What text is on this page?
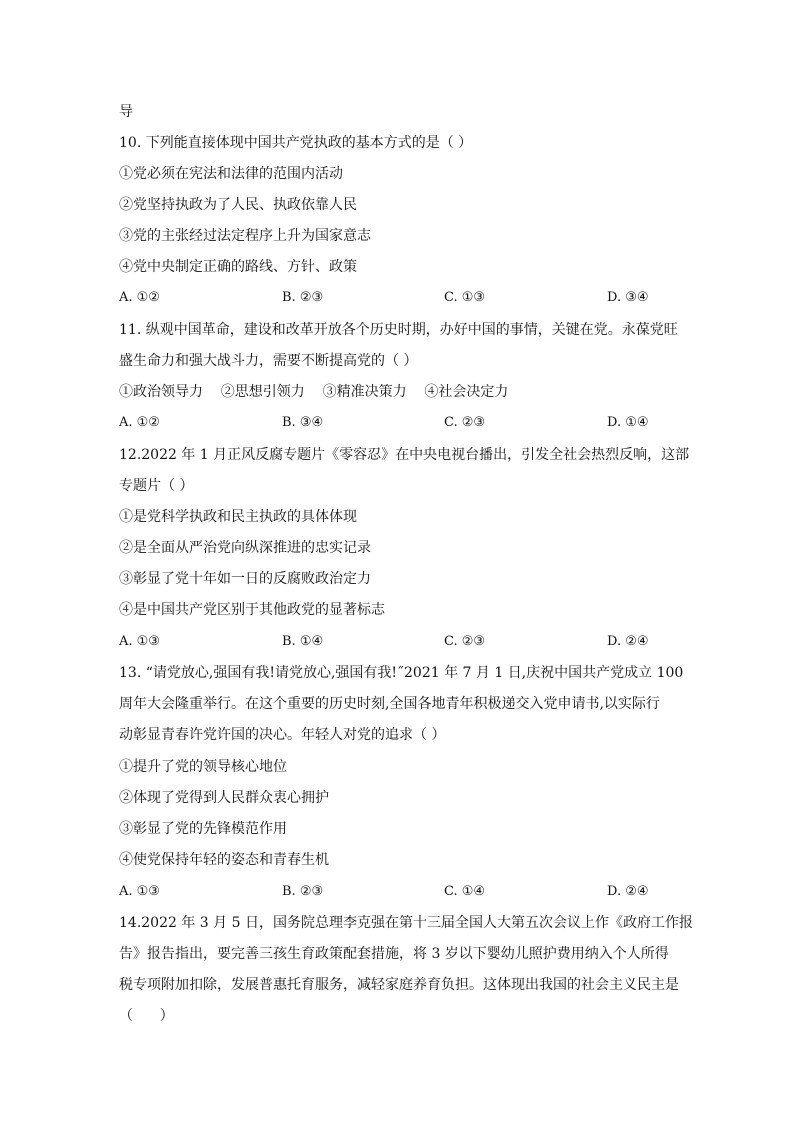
导
10. 下列能直接体现中国共产党执政的基本方式的是（ ）
①党必须在宪法和法律的范围内活动
②党坚持执政为了人民、执政依靠人民
③党的主张经过法定程序上升为国家意志
④党中央制定正确的路线、方针、政策
A. ①②	B. ②③	C. ①③	D. ③④
11. 纵观中国革命，建设和改革开放各个历史时期，办好中国的事情，关键在党。永葆党旺
盛生命力和强大战斗力，需要不断提高党的（ ）
①政治领导力    ②思想引领力    ③精准决策力    ④社会决定力
A. ①②	B. ③④	C. ②③	D. ①④
12.2022 年 1 月正风反腐专题片《零容忍》在中央电视台播出，引发全社会热烈反响，这部
专题片（ ）
①是党科学执政和民主执政的具体体现
②是全面从严治党向纵深推进的忠实记录
③彰显了党十年如一日的反腐败政治定力
④是中国共产党区别于其他政党的显著标志
A. ①③	B. ①④	C. ②③	D. ②④
13. “请党放心,强国有我!请党放心,强国有我!˝2021 年 7 月 1 日,庆祝中国共产党成立 100
周年大会隆重举行。在这个重要的历史时刻,全国各地青年积极递交入党申请书,以实际行
动彰显青春许党许国的决心。年轻人对党的追求（ ）
①提升了党的领导核心地位
②体现了党得到人民群众衷心拥护
③彰显了党的先锋模范作用
④使党保持年轻的姿态和青春生机
A. ①③	B. ②③	C. ①④	D. ②④
14.2022 年 3 月 5 日，国务院总理李克强在第十三届全国人大第五次会议上作《政府工作报
告》报告指出，要完善三孩生育政策配套措施，将 3 岁以下婴幼儿照护费用纳入个人所得
税专项附加扣除，发展普惠托育服务，减轻家庭养育负担。这体现出我国的社会主义民主是
（      ）
